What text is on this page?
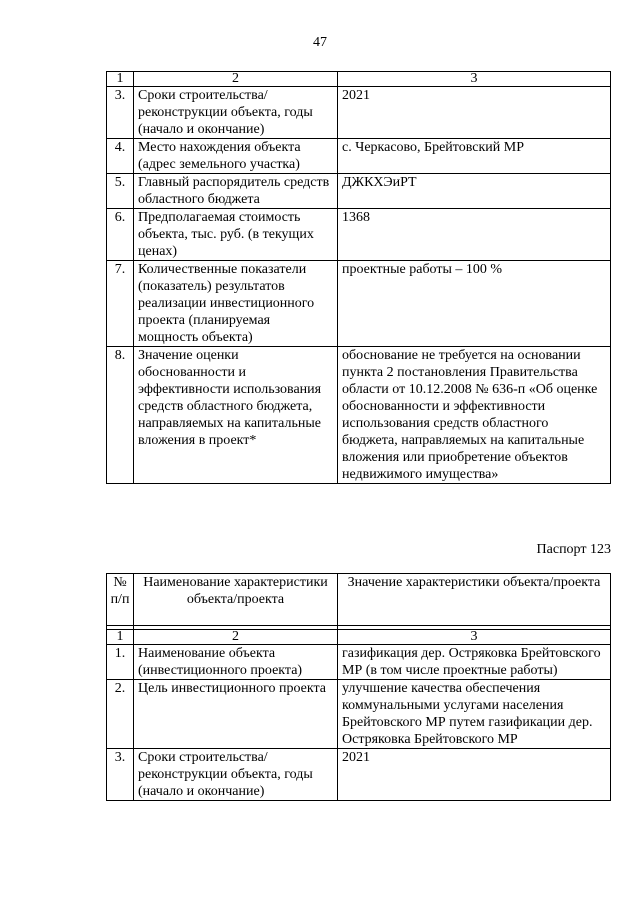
47
1	2	3
3.	Сроки строительства/реконструкции объекта, годы (начало и окончание)	2021
4.	Место нахождения объекта (адрес земельного участка)	с. Черкасово, Брейтовский МР
5.	Главный распорядитель средств областного бюджета	ДЖКХЭиРТ
6.	Предполагаемая стоимость объекта, тыс. руб. (в текущих ценах)	1368
7.	Количественные показатели (показатель) результатов реализации инвестиционного проекта (планируемая мощность объекта)	проектные работы – 100 %
8.	Значение оценки обоснованности и эффективности использования средств областного бюджета, направляемых на капитальные вложения в проект*	обоснование не требуется на основании пункта 2 постановления Правительства области от 10.12.2008 № 636-п «Об оценке обоснованности и эффективности использования средств областного бюджета, направляемых на капитальные вложения или приобретение объектов недвижимого имущества»
Паспорт 123
№ п/п	Наименование характеристики объекта/проекта	Значение характеристики объекта/проекта

1	2	3
1.	Наименование объекта (инвестиционного проекта)	газификация дер. Остряковка Брейтовского МР (в том числе проектные работы)
2.	Цель инвестиционного проекта	улучшение качества обеспечения коммунальными услугами населения Брейтовского МР путем газификации дер. Остряковка Брейтовского МР
3.	Сроки строительства/реконструкции объекта, годы (начало и окончание)	2021
